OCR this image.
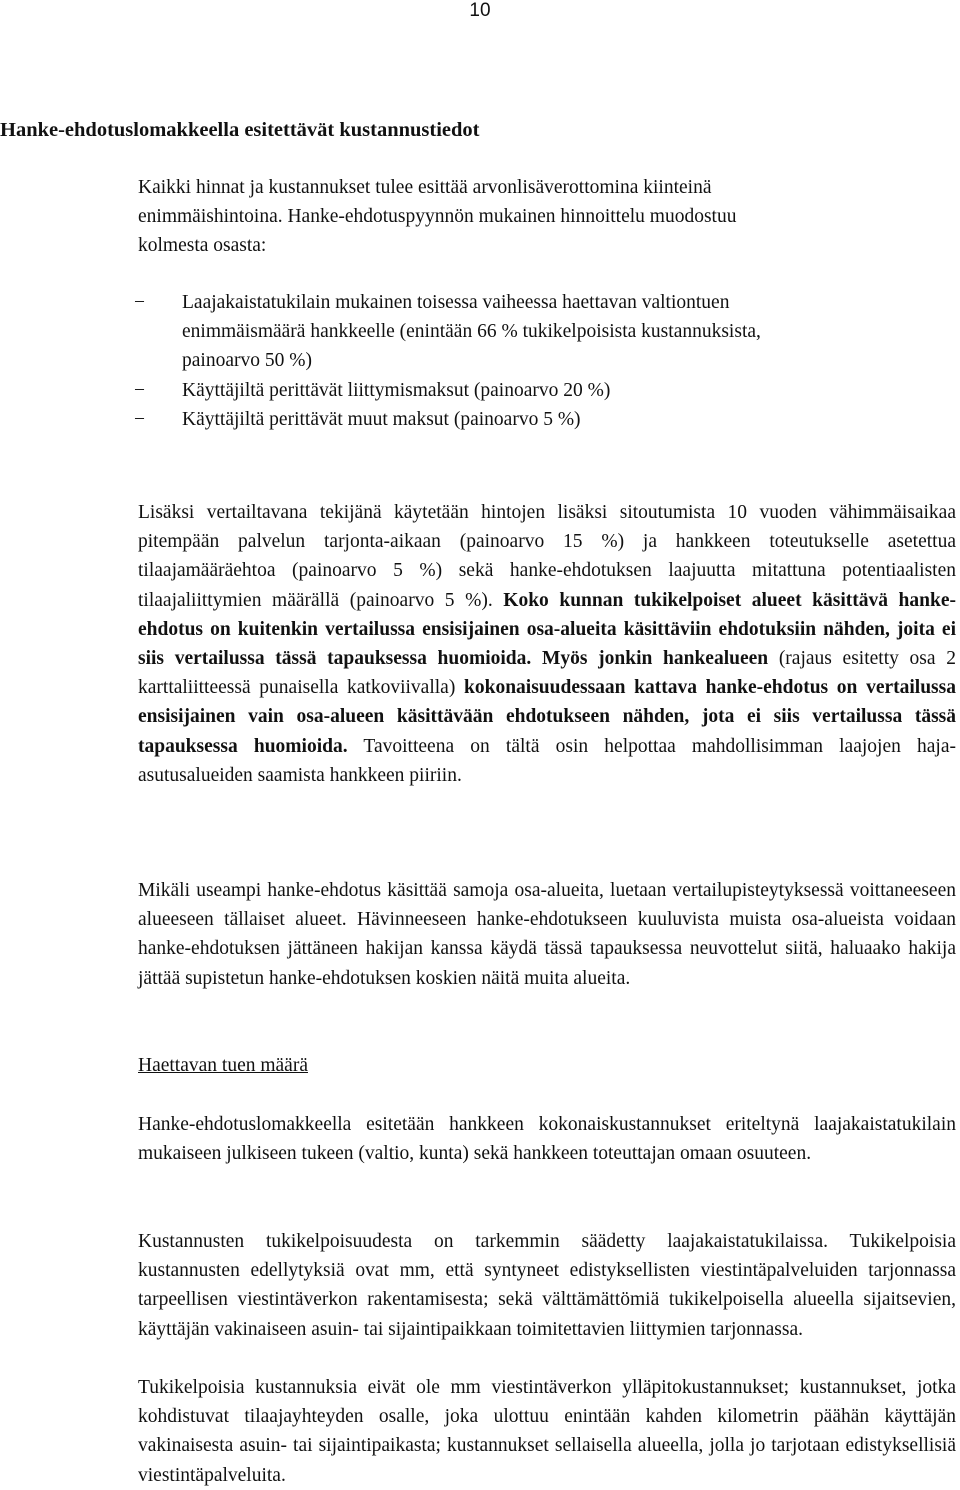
10
Hanke-ehdotuslomakkeella esitettävät kustannustiedot
Kaikki hinnat ja kustannukset tulee esittää arvonlisäverottomina kiinteinä
enimmäishintoina. Hanke-ehdotuspyynnön mukainen hinnoittelu muodostuu
kolmesta osasta:
− Laajakaistatukilain mukainen toisessa vaiheessa haettavan valtiontuen
enimmäismäärä hankkeelle (enintään 66 % tukikelpoisista kustannuksista,
painoarvo 50 %)
− Käyttäjiltä perittävät liittymismaksut (painoarvo 20 %)
− Käyttäjiltä perittävät muut maksut (painoarvo 5 %)

Lisäksi vertailtavana tekijänä käytetään hintojen lisäksi sitoutumista 10 vuoden vähimmäisaikaa pitempään palvelun tarjonta-aikaan (painoarvo 15 %) ja hankkeen toteutukselle asetettua tilaajamääräehtoa (painoarvo 5 %) sekä hanke-ehdotuksen laajuutta mitattuna potentiaalisten tilaajaliittymien määrällä (painoarvo 5 %). Koko kunnan tukikelpoiset alueet käsittävä hanke-ehdotus on kuitenkin vertailussa ensisijainen osa-alueita käsittäviin ehdotuksiin nähden, joita ei siis vertailussa tässä tapauksessa huomioida. Myös jonkin hankealueen (rajaus esitetty osa 2 karttaliitteessä punaisella katkoviivalla) kokonaisuudessaan kattava hanke-ehdotus on vertailussa ensisijainen vain osa-alueen käsittävään ehdotukseen nähden, jota ei siis vertailussa tässä tapauksessa huomioida. Tavoitteena on tältä osin helpottaa mahdollisimman laajojen haja-asutusalueiden saamista hankkeen piiriin.

Mikäli useampi hanke-ehdotus käsittää samoja osa-alueita, luetaan vertailupisteytyksessä voittaneeseen alueeseen tällaiset alueet. Hävinneeseen hanke-ehdotukseen kuuluvista muista osa-alueista voidaan hanke-ehdotuksen jättäneen hakijan kanssa käydä tässä tapauksessa neuvottelut siitä, haluaako hakija jättää supistetun hanke-ehdotuksen koskien näitä muita alueita.

Haettavan tuen määrä

Hanke-ehdotuslomakkeella esitetään hankkeen kokonaiskustannukset eriteltynä laajakaistatukilain mukaiseen julkiseen tukeen (valtio, kunta) sekä hankkeen toteuttajan omaan osuuteen.

Kustannusten tukikelpoisuudesta on tarkemmin säädetty laajakaistatukilaissa. Tukikelpoisia kustannusten edellytyksiä ovat mm, että syntyneet edistyksellisten viestintäpalveluiden tarjonnassa tarpeellisen viestintäverkon rakentamisesta; sekä välttämättömiä tukikelpoisella alueella sijaitsevien, käyttäjän vakinaiseen asuin- tai sijaintipaikkaan toimitettavien liittymien tarjonnassa.

Tukikelpoisia kustannuksia eivät ole mm viestintäverkon ylläpitokustannukset; kustannukset, jotka kohdistuvat tilaajayhteyden osalle, joka ulottuu enintään kahden kilometrin päähän käyttäjän vakinaisesta asuin- tai sijaintipaikasta; kustannukset sellaisella alueella, jolla jo tarjotaan edistyksellisiä viestintäpalveluita.
